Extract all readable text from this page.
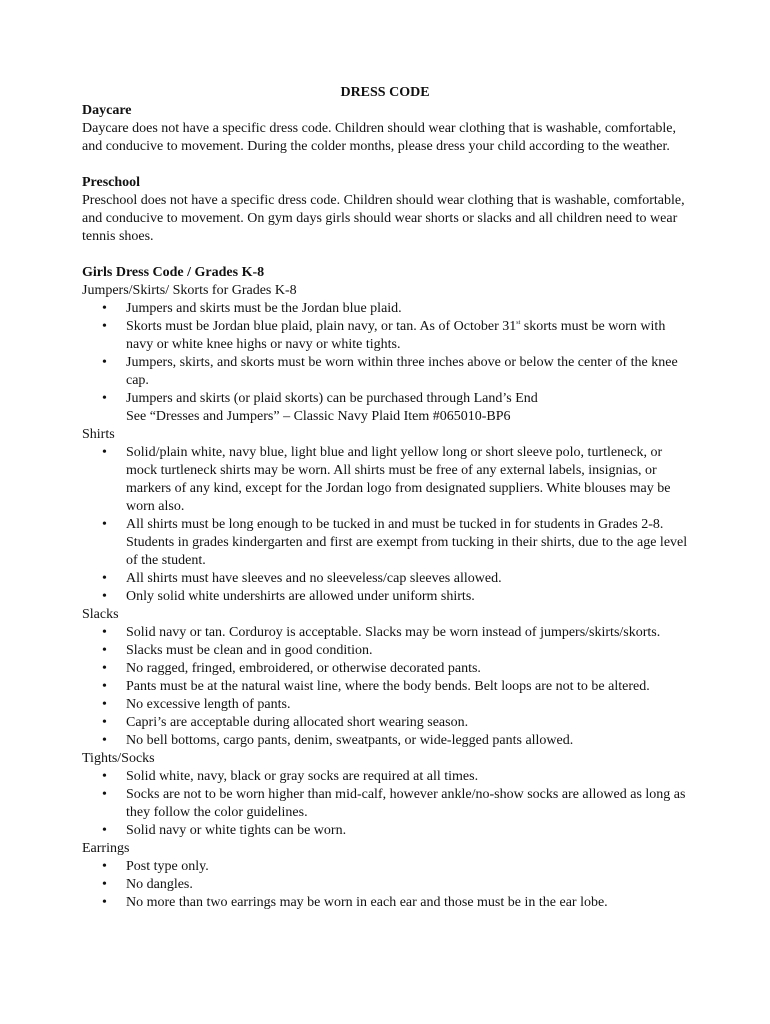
DRESS CODE
Daycare

Daycare does not have a specific dress code. Children should wear clothing that is washable, comfortable, and conducive to movement. During the colder months, please dress your child according to the weather.

Preschool

Preschool does not have a specific dress code. Children should wear clothing that is washable, comfortable, and conducive to movement. On gym days girls should wear shorts or slacks and all children need to wear tennis shoes.

Girls Dress Code / Grades K-8
Jumpers/Skirts/ Skorts for Grades K-8
•	Jumpers and skirts must be the Jordan blue plaid.
•	Skorts must be Jordan blue plaid, plain navy, or tan. As of October 31st skorts must be worn with navy or white knee highs or navy or white tights.
•	Jumpers, skirts, and skorts must be worn within three inches above or below the center of the knee cap.
•	Jumpers and skirts (or plaid skorts) can be purchased through Land’s End
See “Dresses and Jumpers” – Classic Navy Plaid Item #065010-BP6
Shirts
•	Solid/plain white, navy blue, light blue and light yellow long or short sleeve polo, turtleneck, or mock turtleneck shirts may be worn. All shirts must be free of any external labels, insignias, or markers of any kind, except for the Jordan logo from designated suppliers. White blouses may be worn also.
•	All shirts must be long enough to be tucked in and must be tucked in for students in Grades 2-8. Students in grades kindergarten and first are exempt from tucking in their shirts, due to the age level of the student.
•	All shirts must have sleeves and no sleeveless/cap sleeves allowed.
•	Only solid white undershirts are allowed under uniform shirts.
Slacks
•	Solid navy or tan. Corduroy is acceptable. Slacks may be worn instead of jumpers/skirts/skorts.
•	Slacks must be clean and in good condition.
•	No ragged, fringed, embroidered, or otherwise decorated pants.
•	Pants must be at the natural waist line, where the body bends. Belt loops are not to be altered.
•	No excessive length of pants.
•	Capri’s are acceptable during allocated short wearing season.
•	No bell bottoms, cargo pants, denim, sweatpants, or wide-legged pants allowed.
Tights/Socks
•	Solid white, navy, black or gray socks are required at all times.
•	Socks are not to be worn higher than mid-calf, however ankle/no-show socks are allowed as long as they follow the color guidelines.
•	Solid navy or white tights can be worn.
Earrings
•	Post type only.
•	No dangles.
•	No more than two earrings may be worn in each ear and those must be in the ear lobe.
